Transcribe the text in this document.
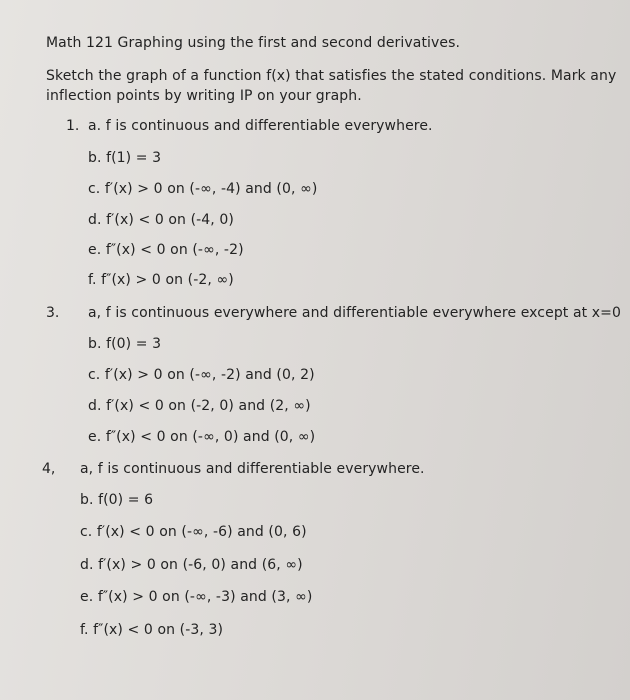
Math 121 Graphing using the first and second derivatives.
Sketch the graph of a function f(x) that satisfies the stated conditions. Mark any
inflection points by writing IP on your graph.
1. a. f is continuous and differentiable everywhere.
b. f(1) = 3
c. f′(x) > 0 on (-∞, -4) and (0, ∞)
d. f′(x) < 0 on (-4, 0)
e. f″(x) < 0 on (-∞, -2)
f. f″(x) > 0 on (-2, ∞)
3. a, f is continuous everywhere and differentiable everywhere except at x=0
b. f(0) = 3
c. f′(x) > 0 on (-∞, -2) and (0, 2)
d. f′(x) < 0 on (-2, 0) and (2, ∞)
e. f″(x) < 0 on (-∞, 0) and (0, ∞)
4, a, f is continuous and differentiable everywhere.
b. f(0) = 6
c. f′(x) < 0 on (-∞, -6) and (0, 6)
d. f′(x) > 0 on (-6, 0) and (6, ∞)
e. f″(x) > 0 on (-∞, -3) and (3, ∞)
f. f″(x) < 0 on (-3, 3)
